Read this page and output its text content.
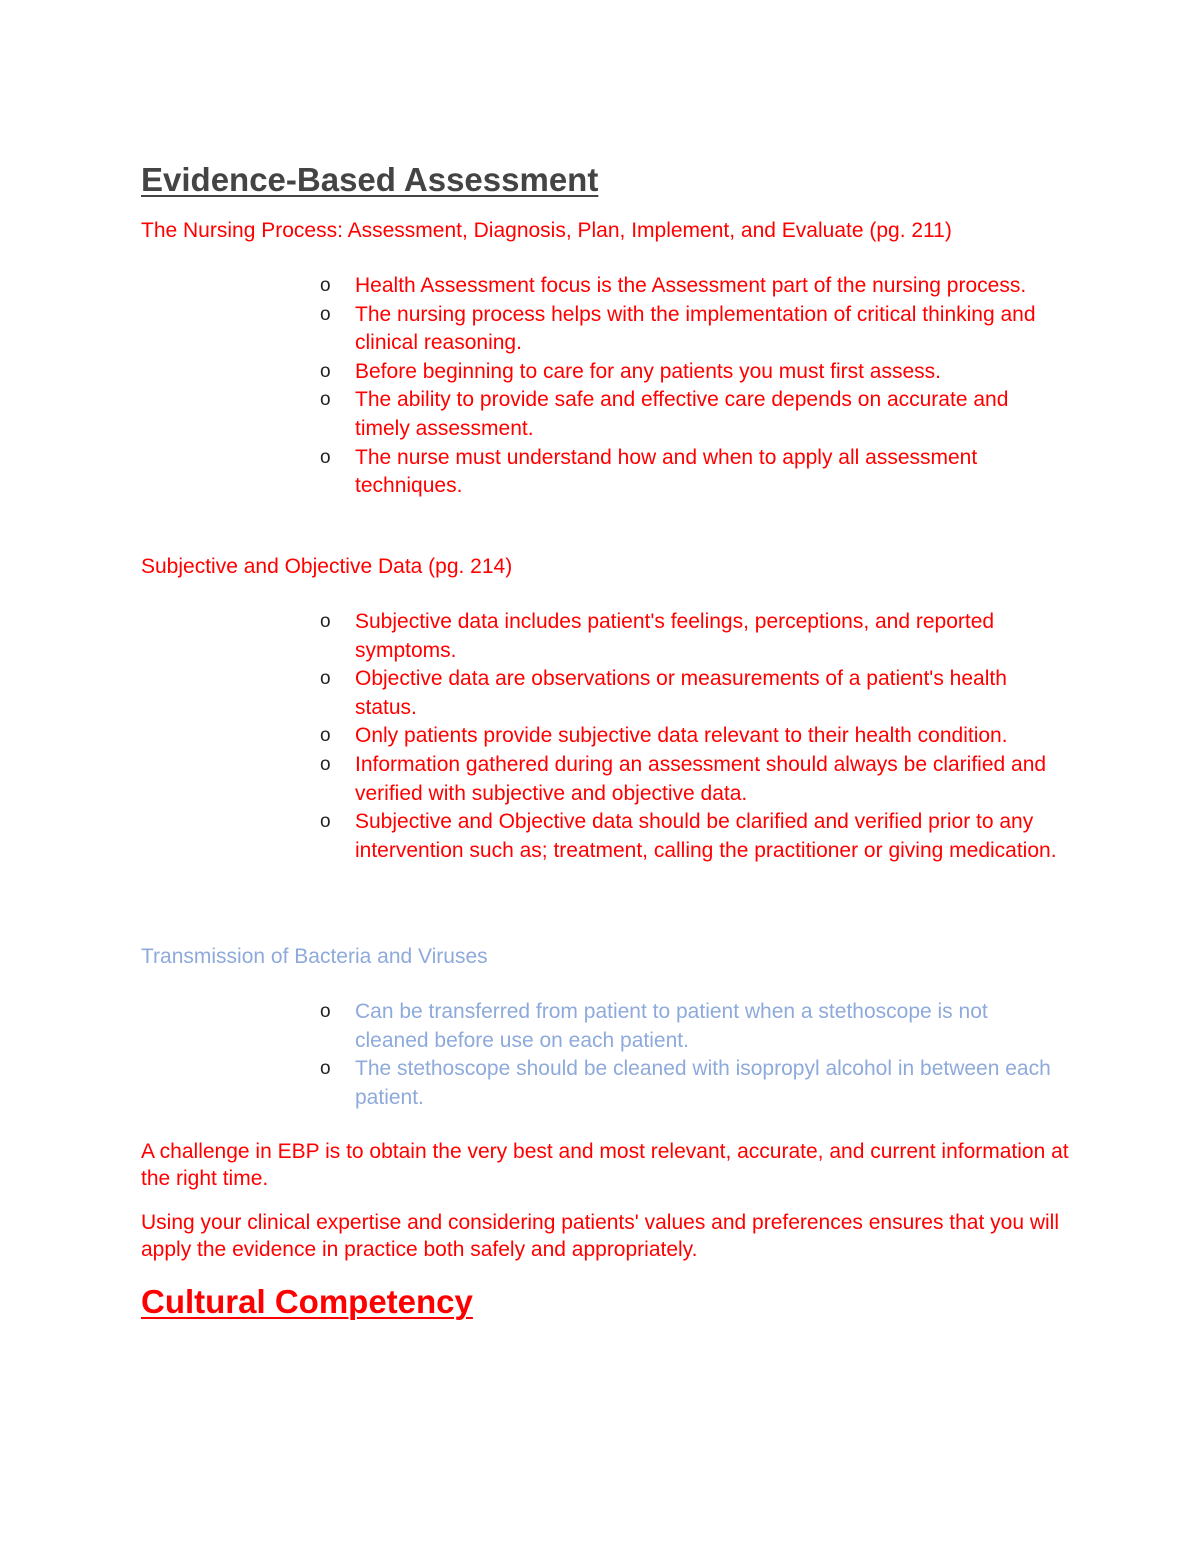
Evidence-Based Assessment

The Nursing Process: Assessment, Diagnosis, Plan, Implement, and Evaluate (pg. 211)

o Health Assessment focus is the Assessment part of the nursing process.
o The nursing process helps with the implementation of critical thinking and clinical reasoning.
o Before beginning to care for any patients you must first assess.
o The ability to provide safe and effective care depends on accurate and timely assessment.
o The nurse must understand how and when to apply all assessment techniques.

Subjective and Objective Data (pg. 214)

o Subjective data includes patient's feelings, perceptions, and reported symptoms.
o Objective data are observations or measurements of a patient's health status.
o Only patients provide subjective data relevant to their health condition.
o Information gathered during an assessment should always be clarified and verified with subjective and objective data.
o Subjective and Objective data should be clarified and verified prior to any intervention such as; treatment, calling the practitioner or giving medication.

Transmission of Bacteria and Viruses

o Can be transferred from patient to patient when a stethoscope is not cleaned before use on each patient.
o The stethoscope should be cleaned with isopropyl alcohol in between each patient.

A challenge in EBP is to obtain the very best and most relevant, accurate, and current information at the right time.

Using your clinical expertise and considering patients' values and preferences ensures that you will apply the evidence in practice both safely and appropriately.

Cultural Competency
